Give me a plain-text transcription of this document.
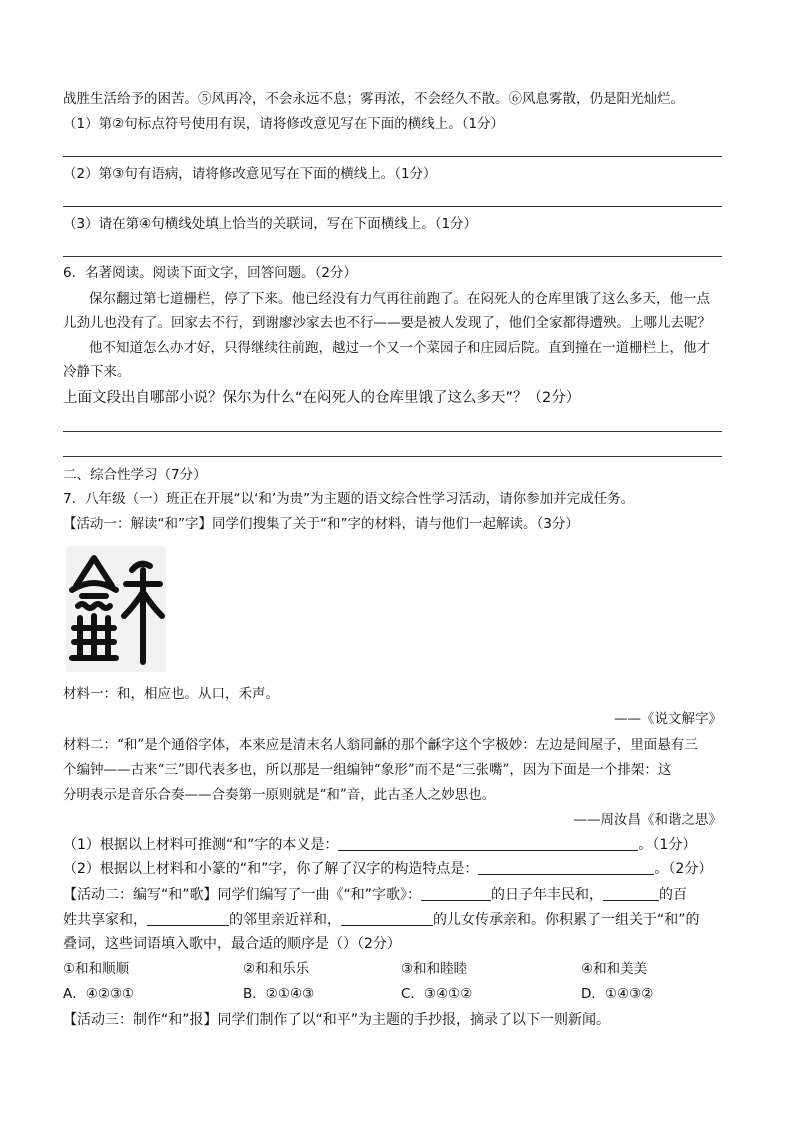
战胜生活给予的困苦。⑤风再冷，不会永远不息；雾再浓，不会经久不散。⑥风息雾散，仍是阳光灿烂。
（1）第②句标点符号使用有误，请将修改意见写在下面的横线上。（1分）
（2）第③句有语病，请将修改意见写在下面的横线上。（1分）
（3）请在第④句横线处填上恰当的关联词，写在下面横线上。（1分）
6．名著阅读。阅读下面文字，回答问题。（2分）
保尔翻过第七道栅栏，停了下来。他已经没有力气再往前跑了。在闷死人的仓库里饿了这么多天，他一点
儿劲儿也没有了。回家去不行，到谢廖沙家去也不行——要是被人发现了，他们全家都得遭殃。上哪儿去呢？
他不知道怎么办才好，只得继续往前跑，越过一个又一个菜园子和庄园后院。直到撞在一道栅栏上，他才
冷静下来。
上面文段出自哪部小说？保尔为什么“在闷死人的仓库里饿了这么多天”？（2分）
二、综合性学习（7分）
7．八年级（一）班正在开展“以‘和’为贵”为主题的语文综合性学习活动，请你参加并完成任务。
【活动一：解读“和”字】同学们搜集了关于“和”字的材料，请与他们一起解读。（3分）
材料一：和，相应也。从口，禾声。
——《说文解字》
材料二：“和”是个通俗字体，本来应是清末名人翁同龢的那个龢字这个字极妙：左边是间屋子，里面悬有三
个编钟——古来“三”即代表多也，所以那是一组编钟“象形”而不是“三张嘴”，因为下面是一个排架：这
分明表示是音乐合奏——合奏第一原则就是“和”音，此古圣人之妙思也。
——周汝昌《和谐之思》
（1）根据以上材料可推测“和”字的本义是：	。（1分）
（2）根据以上材料和小篆的“和”字，你了解了汉字的构造特点是：	。（2分）
【活动二：编写“和”歌】同学们编写了一曲《“和”字歌》：	的日子年丰民和，	的百
姓共享家和，	的邻里亲近祥和，	的儿女传承亲和。你积累了一组关于“和”的
叠词，这些词语填入歌中，最合适的顺序是（）（2分）
①和和顺顺	②和和乐乐	③和和睦睦	④和和美美
A．④②③①	B．②①④③	C．③④①②	D．①④③②
【活动三：制作“和”报】同学们制作了以“和平”为主题的手抄报，摘录了以下一则新闻。
